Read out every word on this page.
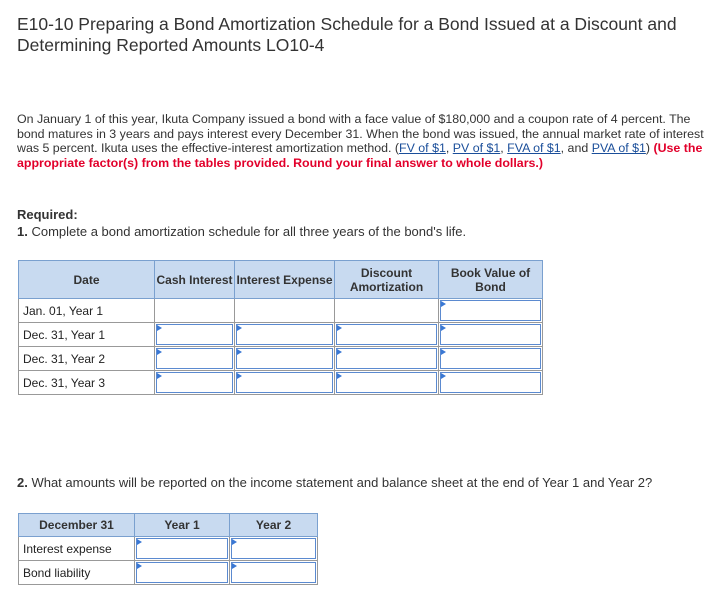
E10-10 Preparing a Bond Amortization Schedule for a Bond Issued at a Discount and Determining Reported Amounts LO10-4
On January 1 of this year, Ikuta Company issued a bond with a face value of $180,000 and a coupon rate of 4 percent. The bond matures in 3 years and pays interest every December 31. When the bond was issued, the annual market rate of interest was 5 percent. Ikuta uses the effective-interest amortization method. (FV of $1, PV of $1, FVA of $1, and PVA of $1) (Use the appropriate factor(s) from the tables provided. Round your final answer to whole dollars.)
Required:
1. Complete a bond amortization schedule for all three years of the bond's life.
Date	Cash Interest	Interest Expense	Discount Amortization	Book Value of Bond
Jan. 01, Year 1				

Dec. 31, Year 1	

Dec. 31, Year 2	

Dec. 31, Year 3	

2. What amounts will be reported on the income statement and balance sheet at the end of Year 1 and Year 2?
December 31	Year 1	Year 2
Interest expense	

Bond liability	
